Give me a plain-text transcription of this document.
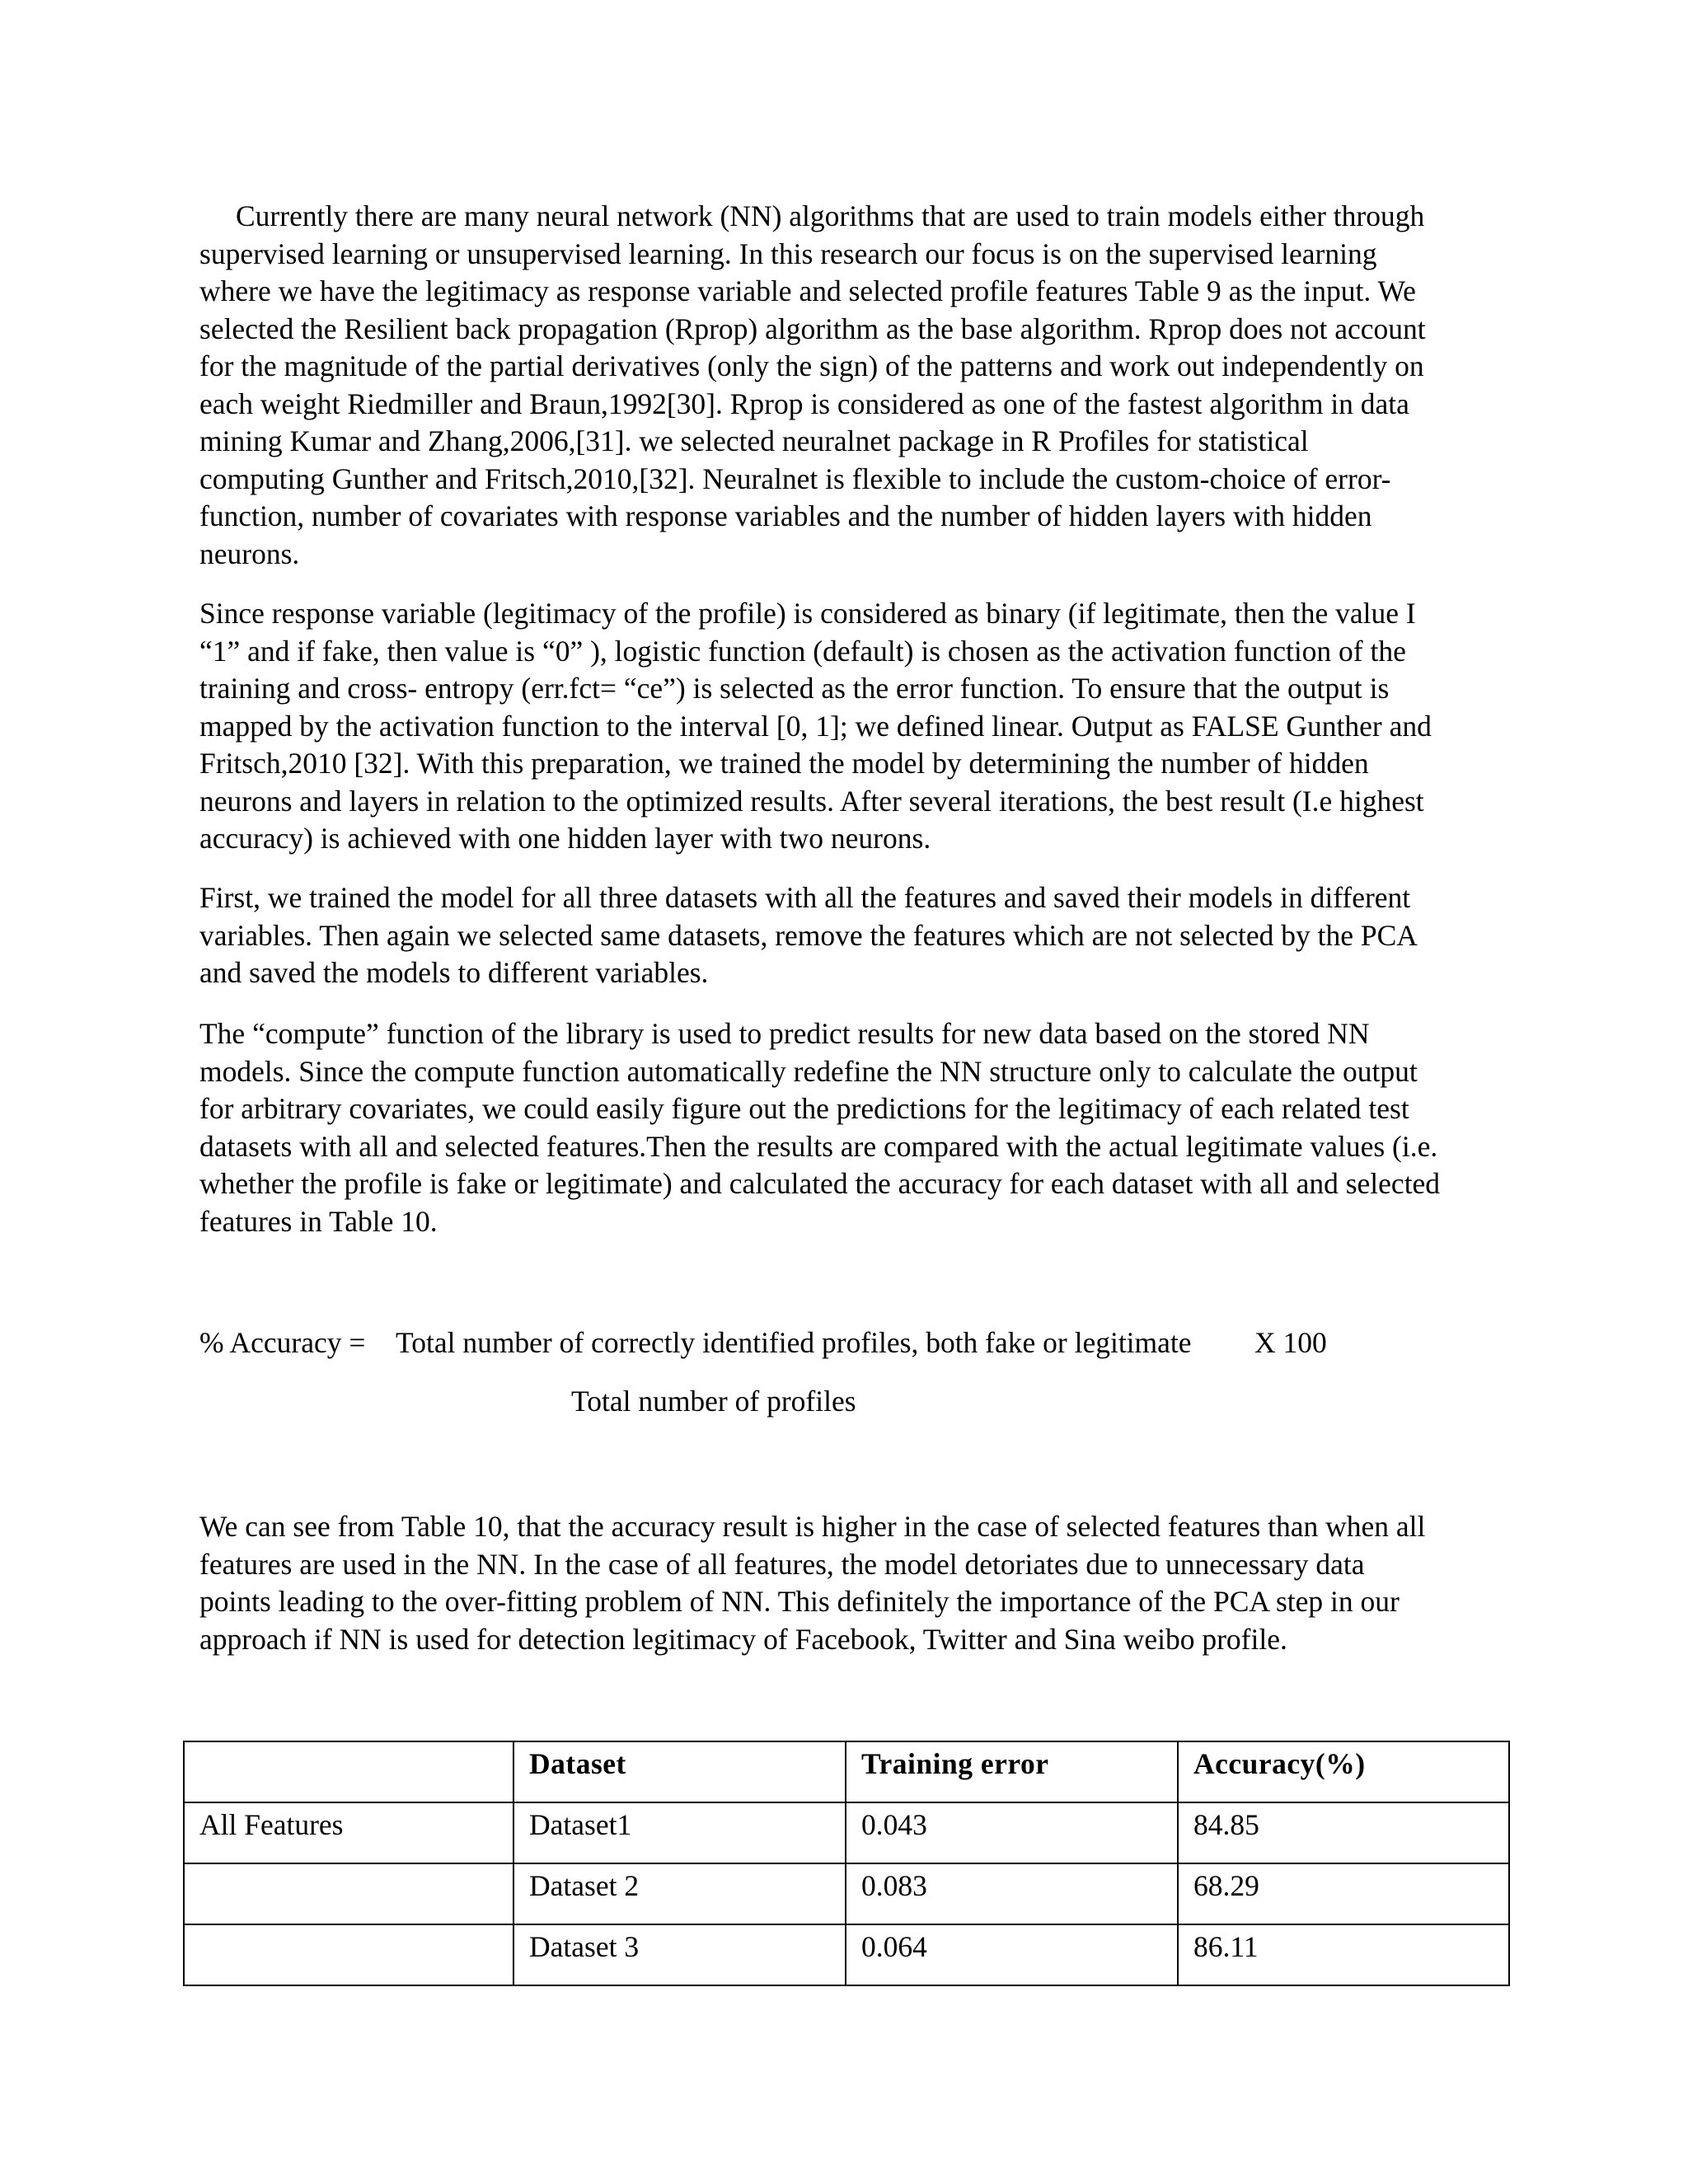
Currently there are many neural network (NN) algorithms that are used to train models either through
supervised learning or unsupervised learning. In this research our focus is on the supervised learning
where we have the legitimacy as response variable and selected profile features Table 9 as the input. We
selected the Resilient back propagation (Rprop) algorithm as the base algorithm. Rprop does not account
for the magnitude of the partial derivatives (only the sign) of the patterns and work out independently on
each weight Riedmiller and Braun,1992[30]. Rprop is considered as one of the fastest algorithm in data
mining Kumar and Zhang,2006,[31]. we selected neuralnet package in R Profiles for statistical
computing Gunther and Fritsch,2010,[32]. Neuralnet is flexible to include the custom-choice of error-
function, number of covariates with response variables and the number of hidden layers with hidden
neurons.
Since response variable (legitimacy of the profile) is considered as binary (if legitimate, then the value I
“1” and if fake, then value is “0” ), logistic function (default) is chosen as the activation function of the
training and cross- entropy (err.fct= “ce”) is selected as the error function. To ensure that the output is
mapped by the activation function to the interval [0, 1]; we defined linear. Output as FALSE Gunther and
Fritsch,2010 [32]. With this preparation, we trained the model by determining the number of hidden
neurons and layers in relation to the optimized results. After several iterations, the best result (I.e highest
accuracy) is achieved with one hidden layer with two neurons.
First, we trained the model for all three datasets with all the features and saved their models in different
variables. Then again we selected same datasets, remove the features which are not selected by the PCA
and saved the models to different variables.
The “compute” function of the library is used to predict results for new data based on the stored NN
models. Since the compute function automatically redefine the NN structure only to calculate the output
for arbitrary covariates, we could easily figure out the predictions for the legitimacy of each related test
datasets with all and selected features.Then the results are compared with the actual legitimate values (i.e.
whether the profile is fake or legitimate) and calculated the accuracy for each dataset with all and selected
features in Table 10.
% Accuracy = Total number of correctly identified profiles, both fake or legitimate X 100
Total number of profiles
We can see from Table 10, that the accuracy result is higher in the case of selected features than when all
features are used in the NN. In the case of all features, the model detoriates due to unnecessary data
points leading to the over-fitting problem of NN. This definitely the importance of the PCA step in our
approach if NN is used for detection legitimacy of Facebook, Twitter and Sina weibo profile.
	Dataset	Training error	Accuracy(%)
All Features	Dataset1	0.043	84.85
	Dataset 2	0.083	68.29
	Dataset 3	0.064	86.11
